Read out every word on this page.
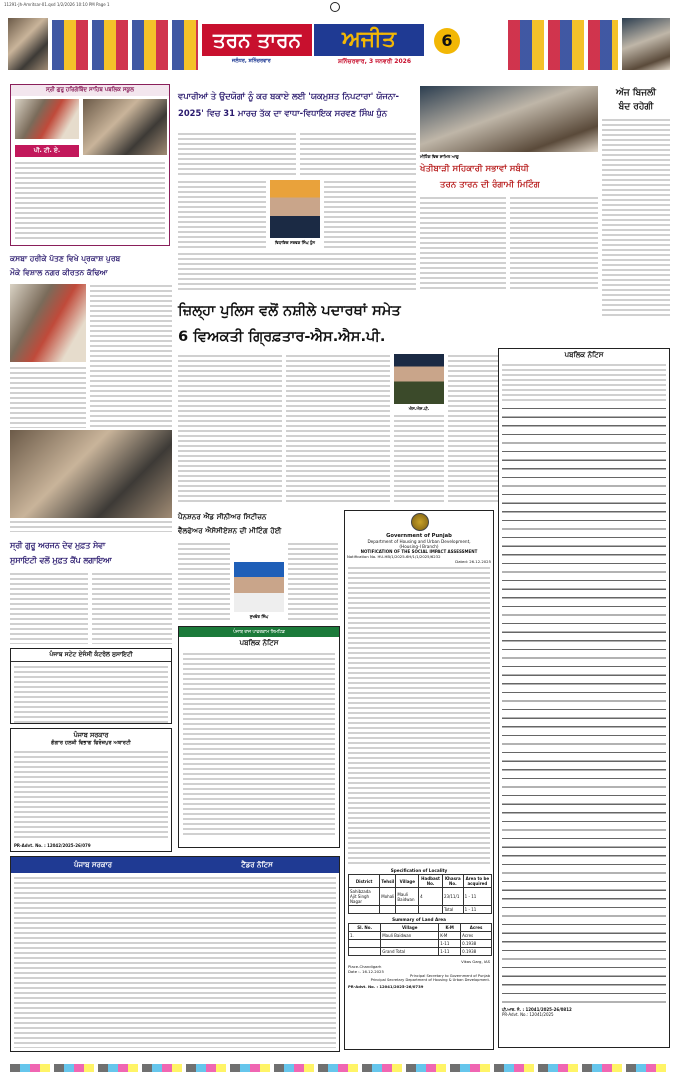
11291-Jh-Amritsar-01.qxd 1/2/2026 10:10 PM Page 1
ਤਰਨ ਤਾਰਨ	ਅਜੀਤ	6
ਜਲੰਧਰ, ਸ਼ਨਿੱਚਰਵਾਰ	ਸ਼ਨਿੱਚਰਵਾਰ, 3 ਜਨਵਰੀ 2026
ਸ੍ਰੀ ਗੁਰੂ ਹਰਿਗੋਬਿੰਦ ਸਾਹਿਬ ਪਬਲਿਕ ਸਕੂਲ
ਪੀ. ਟੀ. ਏ.
ਵਪਾਰੀਆਂ ਤੇ ਉਦਯੋਗਾਂ ਨੂੰ ਕਰ ਬਕਾਏ ਲਈ 'ਯਕਮੁਸ਼ਤ ਨਿਪਟਾਰਾ' ਯੋਜਨਾ-
2025' ਵਿਚ 31 ਮਾਰਚ ਤੱਕ ਦਾ ਵਾਧਾ-ਵਿਧਾਇਕ ਸਰਵਣ ਸਿੰਘ ਧੁੰਨ
ਵਿਧਾਇਕ ਸਰਵਣ ਸਿੰਘ ਧੁੰਨ
ਮੀਟਿੰਗ ਵਿਚ ਸ਼ਾਮਿਲ ਆਗੂ
ਖੇਤੀਬਾੜੀ ਸਹਿਕਾਰੀ ਸਭਾਵਾਂ ਸਬੰਧੀ
ਤਰਨ ਤਾਰਨ ਦੀ ਰੰਗਾਮੀ ਮਿਟਿੰਗ
ਅੱਜ ਬਿਜਲੀ
ਬੰਦ ਰਹੇਗੀ
ਕਸਬਾ ਹਰੀਕੇ ਪੱਤਣ ਵਿਖੇ ਪ੍ਰਕਾਸ਼ ਪੁਰਬ
ਮੌਕੇ ਵਿਸ਼ਾਲ ਨਗਰ ਕੀਰਤਨ ਕੱਢਿਆ
ਜ਼ਿਲ੍ਹਾ ਪੁਲਿਸ ਵਲੋਂ ਨਸ਼ੀਲੇ ਪਦਾਰਥਾਂ ਸਮੇਤ
6 ਵਿਅਕਤੀ ਗ੍ਰਿਫ਼ਤਾਰ-ਐਸ.ਐਸ.ਪੀ.
ਐਸ.ਐਸ.ਪੀ.
ਸ੍ਰੀ ਗੁਰੂ ਅਰਜਨ ਦੇਵ ਮੁਫ਼ਤ ਸੇਵਾ
ਸੁਸਾਇਟੀ ਵਲੋਂ ਮੁਫ਼ਤ ਕੈਂਪ ਲਗਾਇਆ
ਪੈਨਸ਼ਨਰ ਐਂਡ ਸੀਨੀਅਰ ਸਿਟੀਜ਼ਨ
ਵੈੱਲਫੇਅਰ ਐਸੋਸੀਏਸ਼ਨ ਦੀ ਮੀਟਿੰਗ ਹੋਈ
ਸੁਖਵੰਤ ਸਿੰਘ
ਪੰਜਾਬ ਰਾਜ ਪਾਵਰਕਾਮ ਲਿਮਟਿਡ
ਪਬਲਿਕ ਨੋਟਿਸ
ਪੰਜਾਬ ਸਟੇਟ ਏਜੰਸੀ ਕੰਟਰੋਲ ਸੁਸਾਇਟੀ
ਪੰਜਾਬ ਸਰਕਾਰ
ਗੰਗਾਰ ਹਲਕੀ ਵਿਭਾਗ ਫਿਰੋਜ਼ਪੁਰ ਅਥਾਰਟੀ
PR-Advt. No. : 12042/2025-26/079
Government of Punjab
Department of Housing and Urban Development,
(Housing-I Branch)
NOTIFICATION OF THE SOCIAL IMPACT ASSESSMENT
Notification No. HU-HB/1/2025-6H/1/1/2025/6232
Dated: 26.12.2025
Specification of Locality
District	Tehsil	Village	Hadbast No.	Khasra No.	Area to be acquired
Sahibzada Ajit Singh Nagar	Mohali	Mauli Baidwan	4	23/11/1	1 - 11
				Total	1 - 11
Summary of Land Area
Sl. No.	Village	K-M	Acres
1.	Mauli Baidwan	K-M	Acres
		1-11	0.1938
	Grand Total	1-11	0.1938
Vikas Garg, IAS
Place-Chandigarh
Date :- 16.12.2025
Principal Secretary to Government of Punjab
Principal Secretary Department of Housing & Urban Development.
PR-Advt. No. : 12041/2025-26/0739
ਪਬਲਿਕ ਨੋਟਿਸ
ਪੀ.ਆਰ. ਨੰ. : 12041/2025-26/0812
PR-Advt. No.: 12041/2025
ਪੰਜਾਬ ਸਰਕਾਰ	ਟੈਂਡਰ ਨੋਟਿਸ
